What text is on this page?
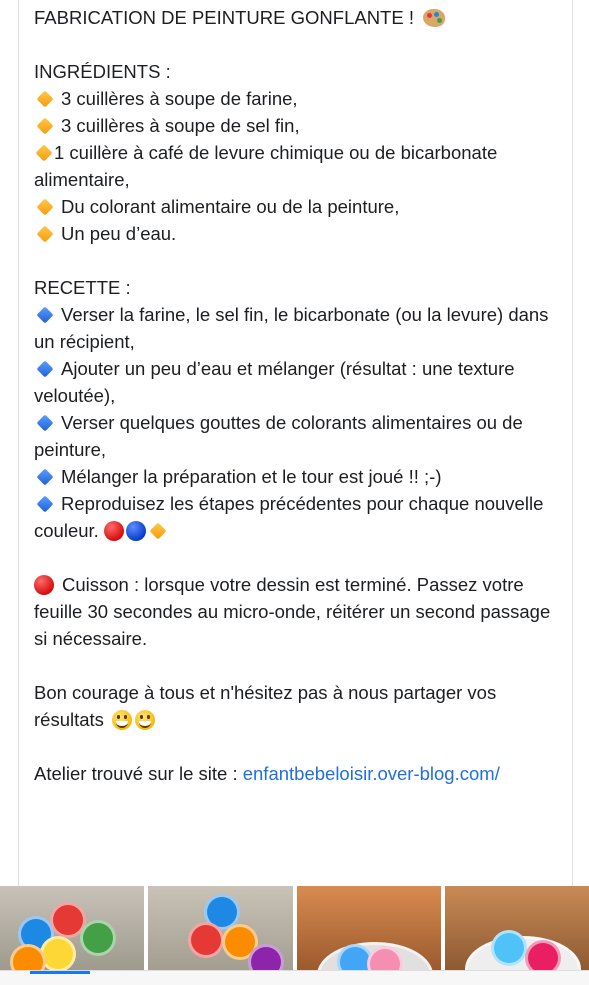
FABRICATION DE PEINTURE GONFLANTE !
INGRÉDIENTS :
3 cuillères à soupe de farine,
3 cuillères à soupe de sel fin,
1 cuillère à café de levure chimique ou de bicarbonate alimentaire,
Du colorant alimentaire ou de la peinture,
Un peu d’eau.
RECETTE :
Verser la farine, le sel fin, le bicarbonate (ou la levure) dans un récipient,
Ajouter un peu d’eau et mélanger (résultat : une texture veloutée),
Verser quelques gouttes de colorants alimentaires ou de peinture,
Mélanger la préparation et le tour est joué !! ;-)
Reproduisez les étapes précédentes pour chaque nouvelle couleur.
Cuisson : lorsque votre dessin est terminé. Passez votre feuille 30 secondes au micro-onde, réitérer un second passage si nécessaire.
Bon courage à tous et n'hésitez pas à nous partager vos résultats
Atelier trouvé sur le site : enfantbebeloisir.over-blog.com/
